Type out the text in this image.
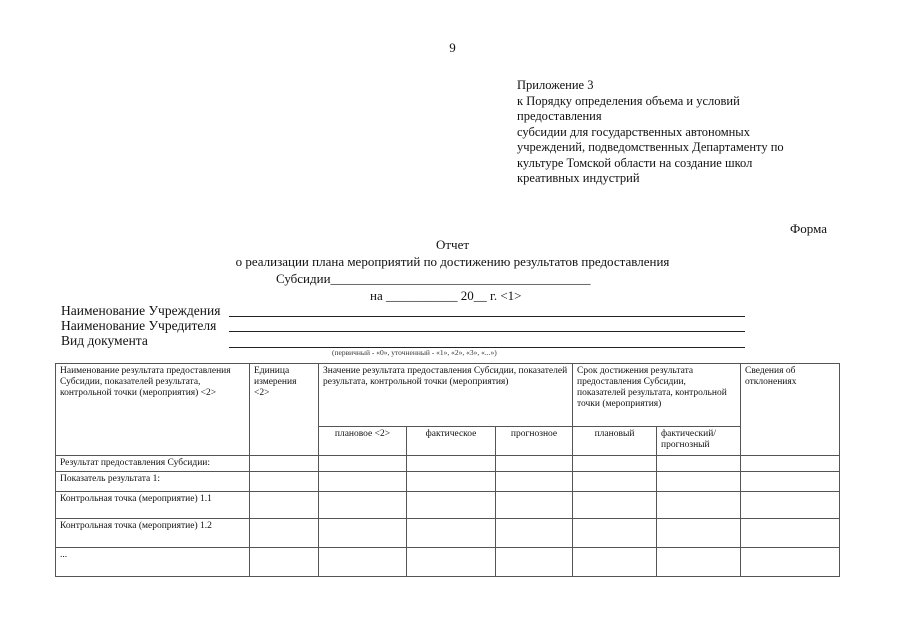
9
Приложение 3
к Порядку определения объема и условий
предоставления
субсидии для государственных автономных
учреждений, подведомственных Департаменту по
культуре Томской области на создание школ
креативных индустрий
Форма
Отчет
о реализации плана мероприятий по достижению результатов предоставления
Субсидии________________________________________
на ___________ 20__ г. <1>
Наименование Учреждения
Наименование Учредителя
Вид документа
(первичный - «0», уточненный - «1», «2», «3», «...»)
Наименование результата предоставления Субсидии, показателей результата, контрольной точки (мероприятия) <2>	Единица измерения <2>	Значение результата предоставления Субсидии, показателей результата, контрольной точки (мероприятия)			Срок достижения результата предоставления Субсидии, показателей результата, контрольной точки (мероприятия)		Сведения об отклонениях
		плановое <2>	фактическое	прогнозное	плановый	фактический/ прогнозный	
Результат предоставления Субсидии:							
Показатель результата 1:							
Контрольная точка (мероприятие) 1.1							
Контрольная точка (мероприятие) 1.2							
...							
